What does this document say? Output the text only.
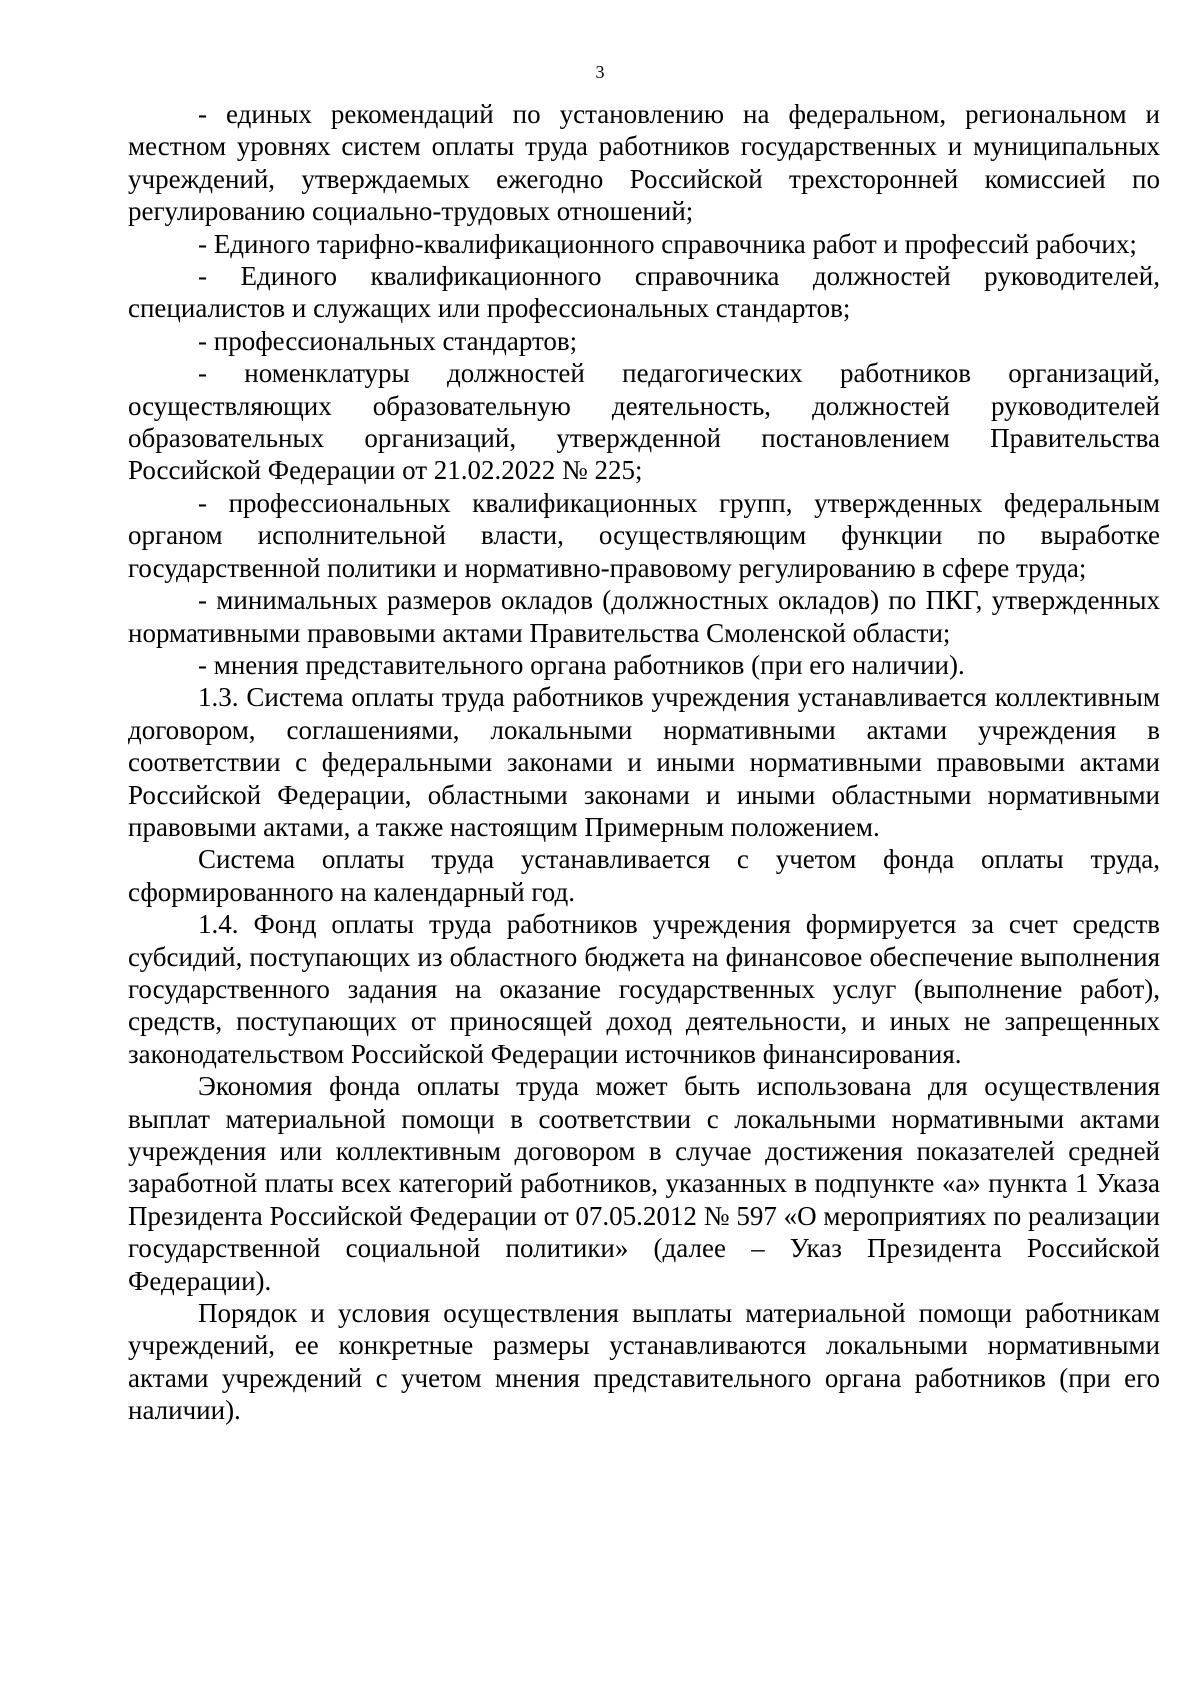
3

- единых рекомендаций по установлению на федеральном, региональном и местном уровнях систем оплаты труда работников государственных и муниципальных учреждений, утверждаемых ежегодно Российской трехсторонней комиссией по регулированию социально-трудовых отношений;

- Единого тарифно-квалификационного справочника работ и профессий рабочих;

- Единого квалификационного справочника должностей руководителей, специалистов и служащих или профессиональных стандартов;

- профессиональных стандартов;

- номенклатуры должностей педагогических работников организаций, осуществляющих образовательную деятельность, должностей руководителей образовательных организаций, утвержденной постановлением Правительства Российской Федерации от 21.02.2022 № 225;

- профессиональных квалификационных групп, утвержденных федеральным органом исполнительной власти, осуществляющим функции по выработке государственной политики и нормативно-правовому регулированию в сфере труда;

- минимальных размеров окладов (должностных окладов) по ПКГ, утвержденных нормативными правовыми актами Правительства Смоленской области;

- мнения представительного органа работников (при его наличии).

1.3. Система оплаты труда работников учреждения устанавливается коллективным договором, соглашениями, локальными нормативными актами учреждения в соответствии с федеральными законами и иными нормативными правовыми актами Российской Федерации, областными законами и иными областными нормативными правовыми актами, а также настоящим Примерным положением.

Система оплаты труда устанавливается с учетом фонда оплаты труда, сформированного на календарный год.

1.4. Фонд оплаты труда работников учреждения формируется за счет средств субсидий, поступающих из областного бюджета на финансовое обеспечение выполнения государственного задания на оказание государственных услуг (выполнение работ), средств, поступающих от приносящей доход деятельности, и иных не запрещенных законодательством Российской Федерации источников финансирования.

Экономия фонда оплаты труда может быть использована для осуществления выплат материальной помощи в соответствии с локальными нормативными актами учреждения или коллективным договором в случае достижения показателей средней заработной платы всех категорий работников, указанных в подпункте «а» пункта 1 Указа Президента Российской Федерации от 07.05.2012 № 597 «О мероприятиях по реализации государственной социальной политики» (далее – Указ Президента Российской Федерации).

Порядок и условия осуществления выплаты материальной помощи работникам учреждений, ее конкретные размеры устанавливаются локальными нормативными актами учреждений с учетом мнения представительного органа работников (при его наличии).
